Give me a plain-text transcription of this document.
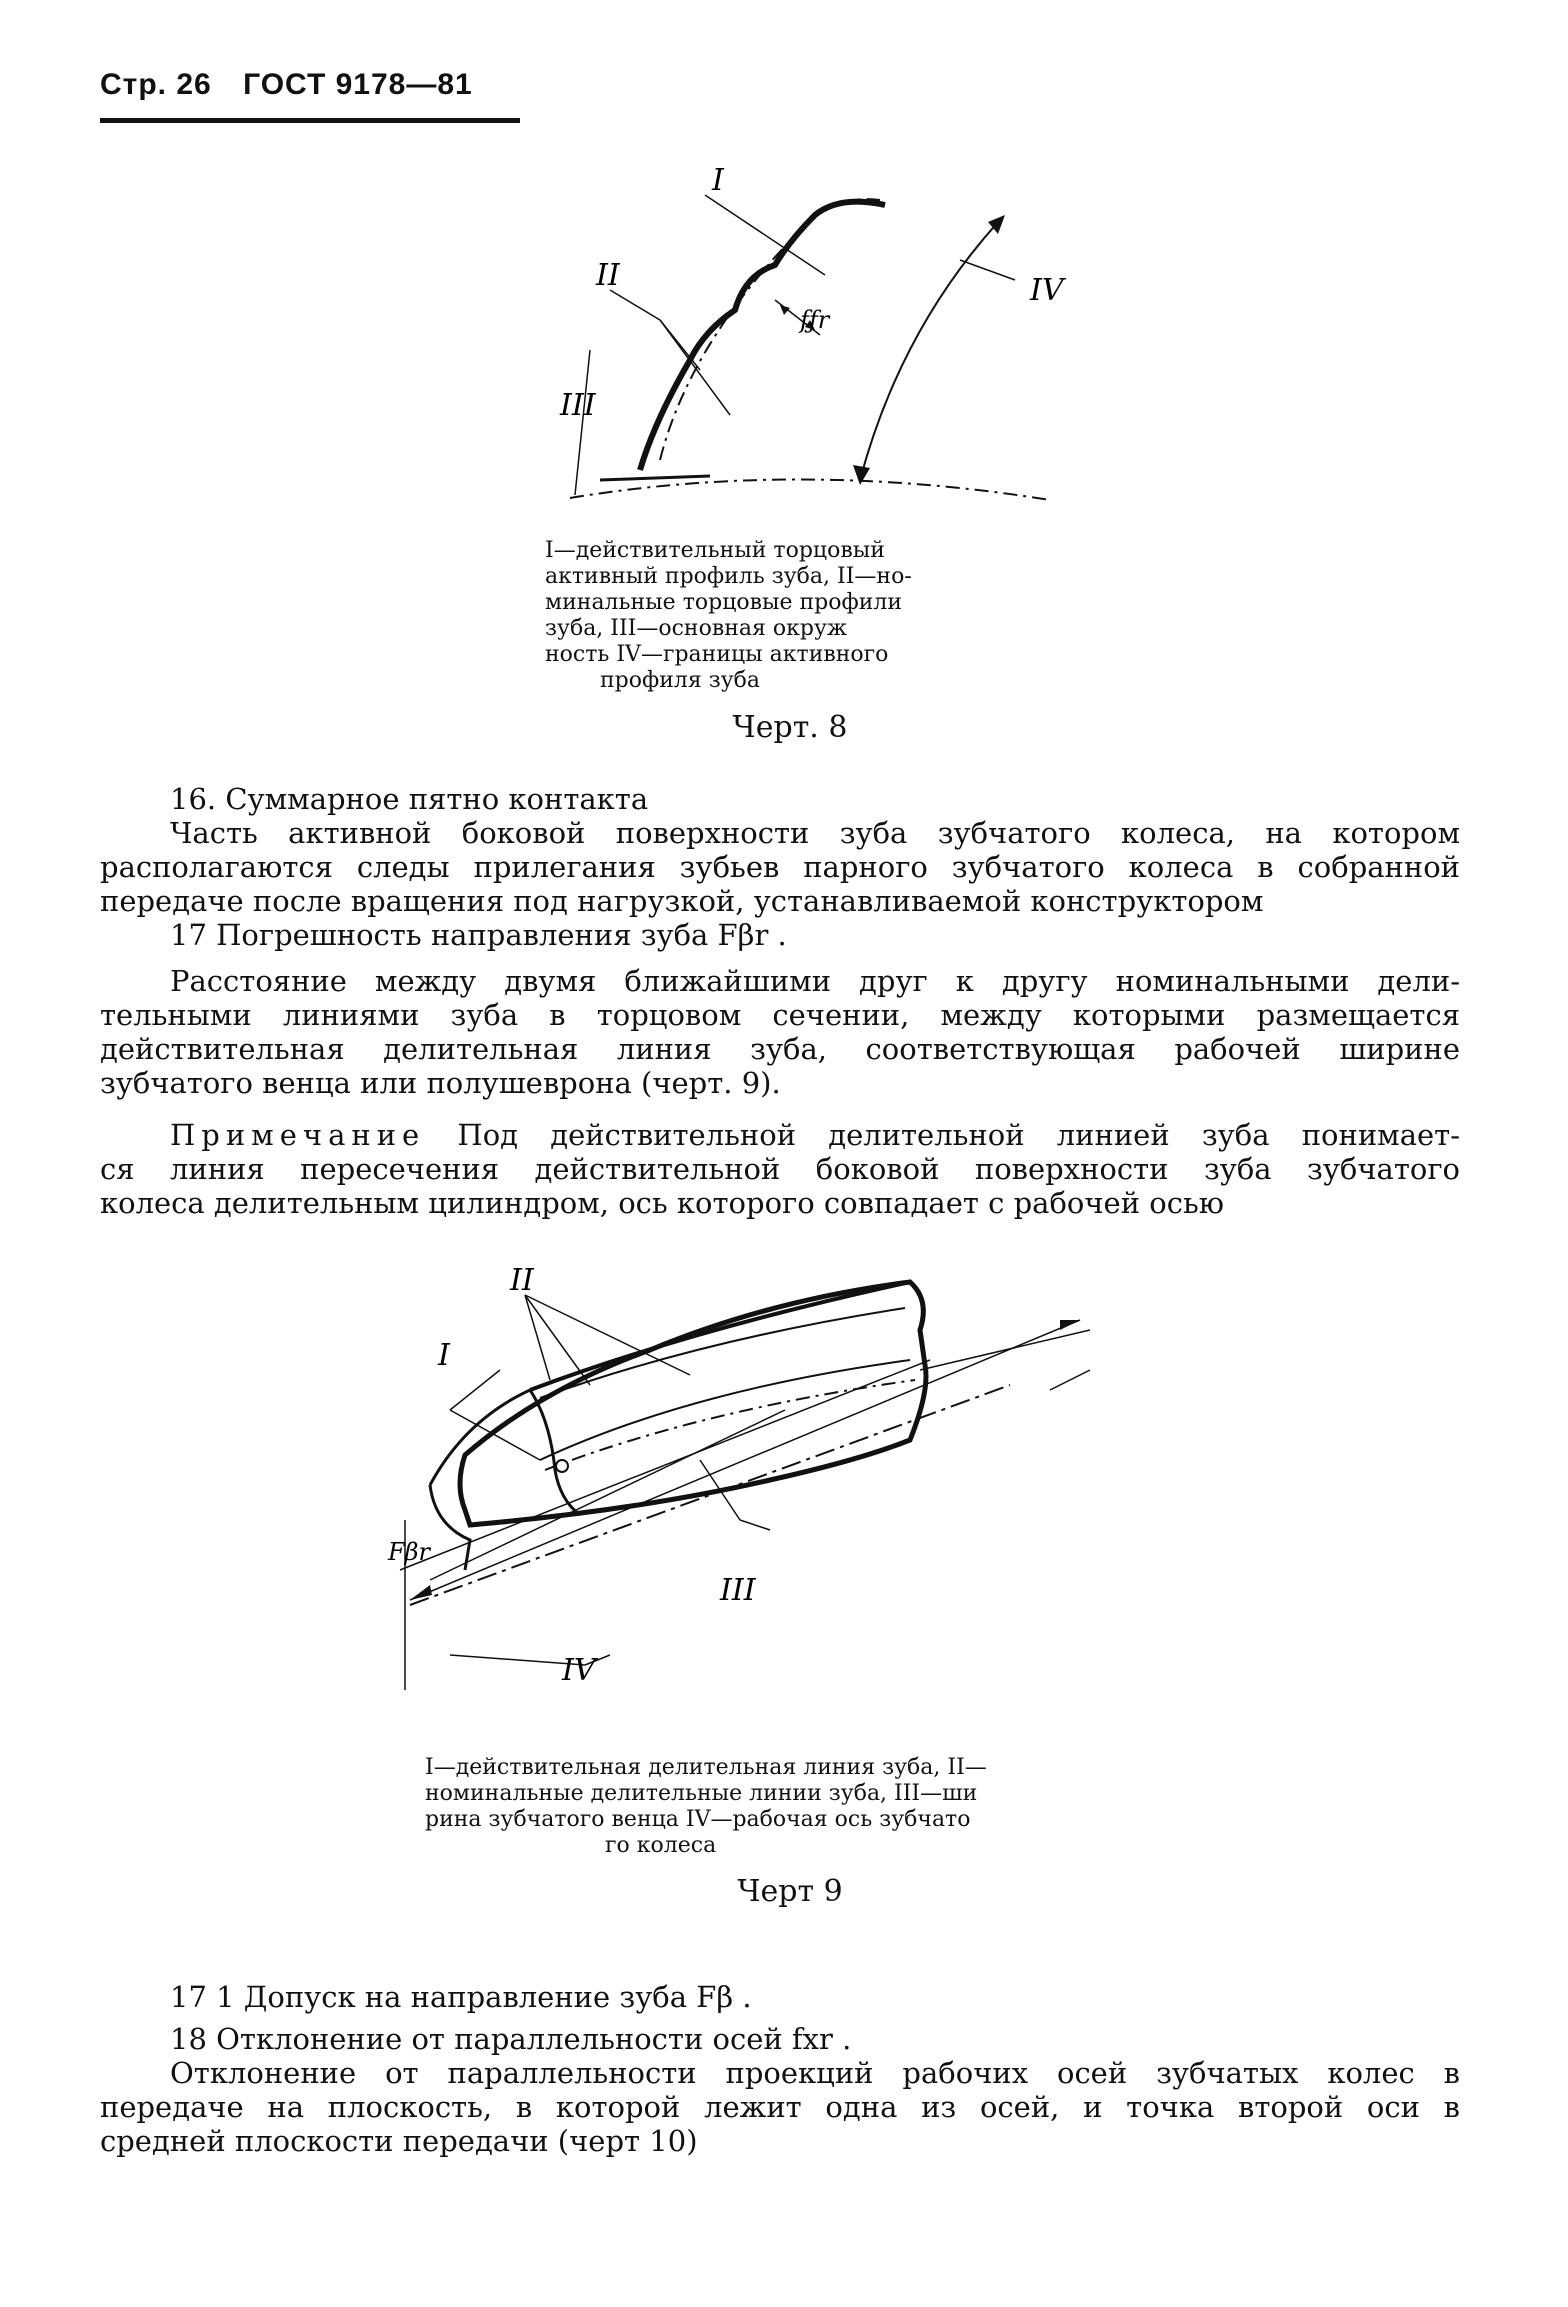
Стр. 26 ГОСТ 9178—81
I
II
III
IV
fƒr
I—действительный торцовый
активный профиль зуба, II—но-
минальные торцовые профили
зуба, III—основная окруж
ность IV—границы активного
профиля зуба
Черт. 8
16. Суммарное пятно контакта
Часть активной боковой поверхности зуба зубчатого колеса, на котором
располагаются следы прилегания зубьев парного зубчатого колеса в собранной
передаче после вращения под нагрузкой, устанавливаемой конструктором
17 Погрешность направления зуба Fβr .
Расстояние между двумя ближайшими друг к другу номинальными дели-
тельными линиями зуба в торцовом сечении, между которыми размещается
действительная делительная линия зуба, соответствующая рабочей ширине
зубчатого венца или полушеврона (черт. 9).
Примечание Под действительной делительной линией зуба понимает-
ся линия пересечения действительной боковой поверхности зуба зубчатого
колеса делительным цилиндром, ось которого совпадает с рабочей осью
I
II
III
IV
Fβr
I—действительная делительная линия зуба, II—
номинальные делительные линии зуба, III—ши
рина зубчатого венца IV—рабочая ось зубчато
го колеса
Черт 9
17 1 Допуск на направление зуба Fβ .
18 Отклонение от параллельности осей fxr .
Отклонение от параллельности проекций рабочих осей зубчатых колес в
передаче на плоскость, в которой лежит одна из осей, и точка второй оси в
средней плоскости передачи (черт 10)
